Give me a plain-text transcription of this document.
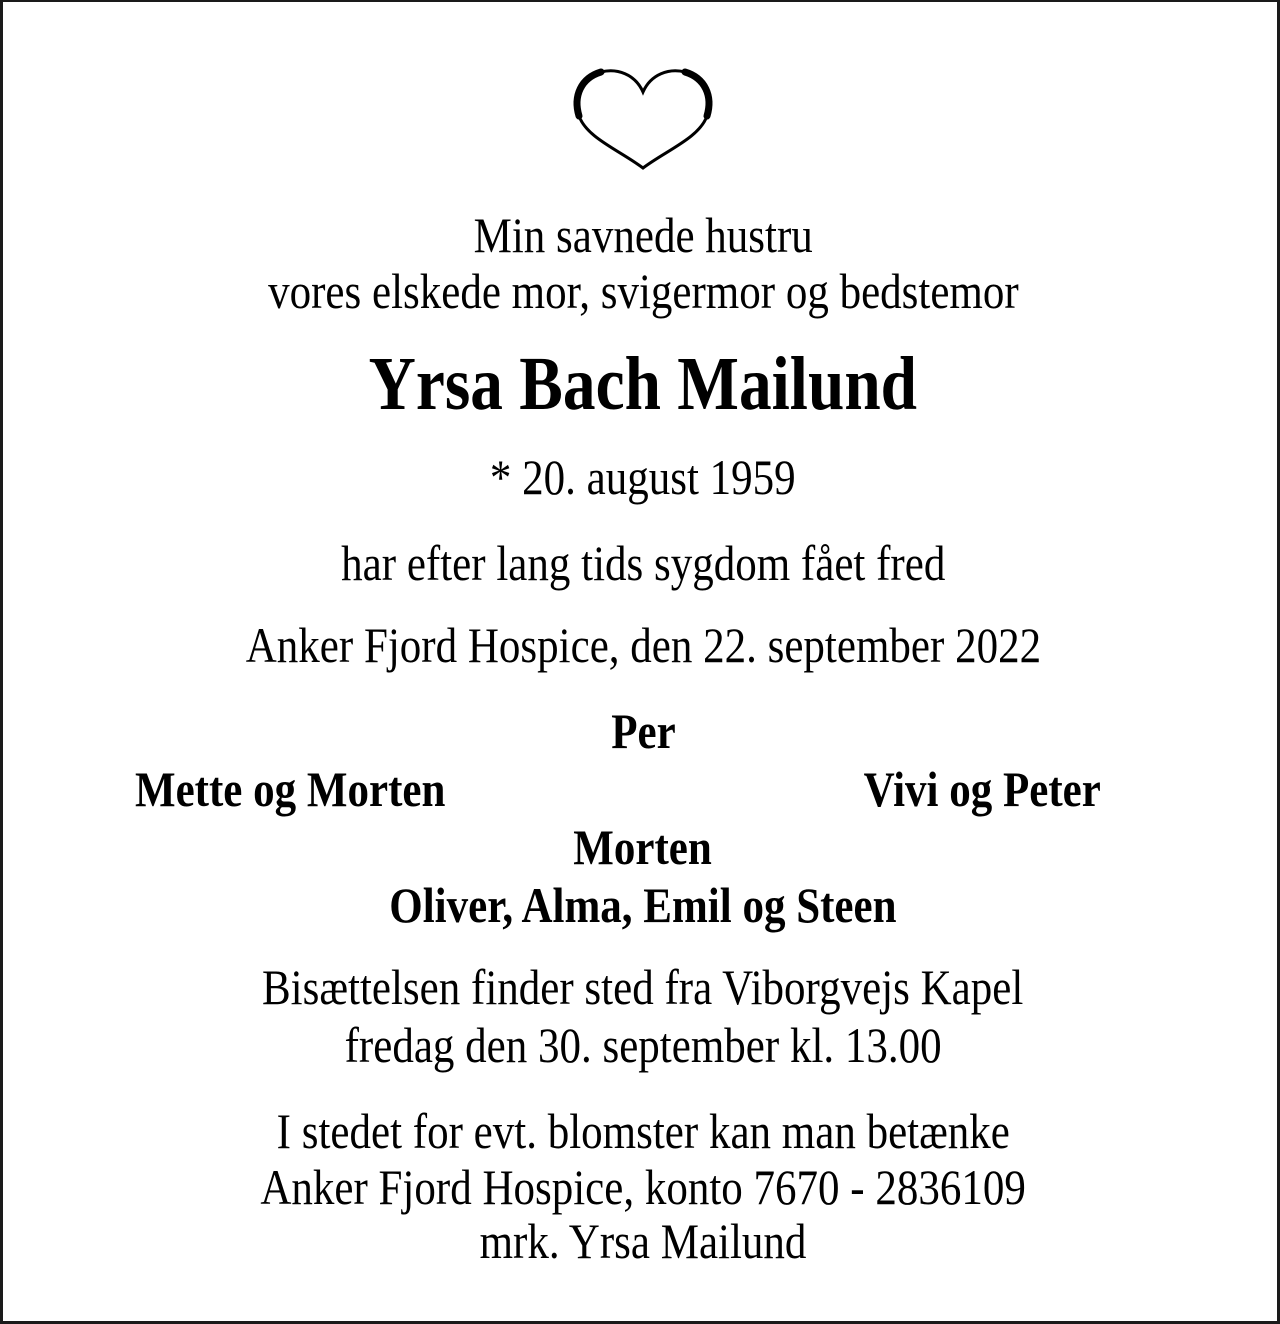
Min savnede hustru
vores elskede mor, svigermor og bedstemor
Yrsa Bach Mailund
* 20. august 1959
har efter lang tids sygdom fået fred
Anker Fjord Hospice, den 22. september 2022
Per
Mette og Morten	Vivi og Peter
Morten
Oliver, Alma, Emil og Steen
Bisættelsen finder sted fra Viborgvejs Kapel
fredag den 30. september kl. 13.00
I stedet for evt. blomster kan man betænke
Anker Fjord Hospice, konto 7670 - 2836109
mrk. Yrsa Mailund
